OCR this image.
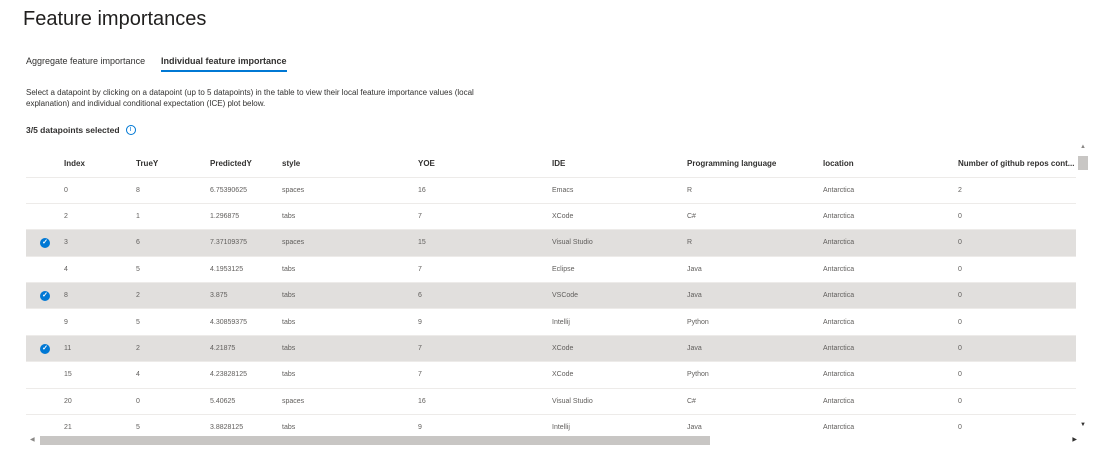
Feature importances
Aggregate feature importance Individual feature importance
Select a datapoint by clicking on a datapoint (up to 5 datapoints) in the table to view their local feature importance values (local explanation) and individual conditional expectation (ICE) plot below.
3/5 datapoints selected	i
	Index	TrueY	PredictedY	style	YOE	IDE	Programming language	location	Number of github repos cont...
	0	8	6.75390625	spaces	16	Emacs	R	Antarctica	2
	2	1	1.296875	tabs	7	XCode	C#	Antarctica	0
✓	3	6	7.37109375	spaces	15	Visual Studio	R	Antarctica	0
	4	5	4.1953125	tabs	7	Eclipse	Java	Antarctica	0
✓	8	2	3.875	tabs	6	VSCode	Java	Antarctica	0
	9	5	4.30859375	tabs	9	Intellij	Python	Antarctica	0
✓	11	2	4.21875	tabs	7	XCode	Java	Antarctica	0
	15	4	4.23828125	tabs	7	XCode	Python	Antarctica	0
	20	0	5.40625	spaces	16	Visual Studio	C#	Antarctica	0
	21	5	3.8828125	tabs	9	Intellij	Java	Antarctica	0
▲
▼
◀	▶
